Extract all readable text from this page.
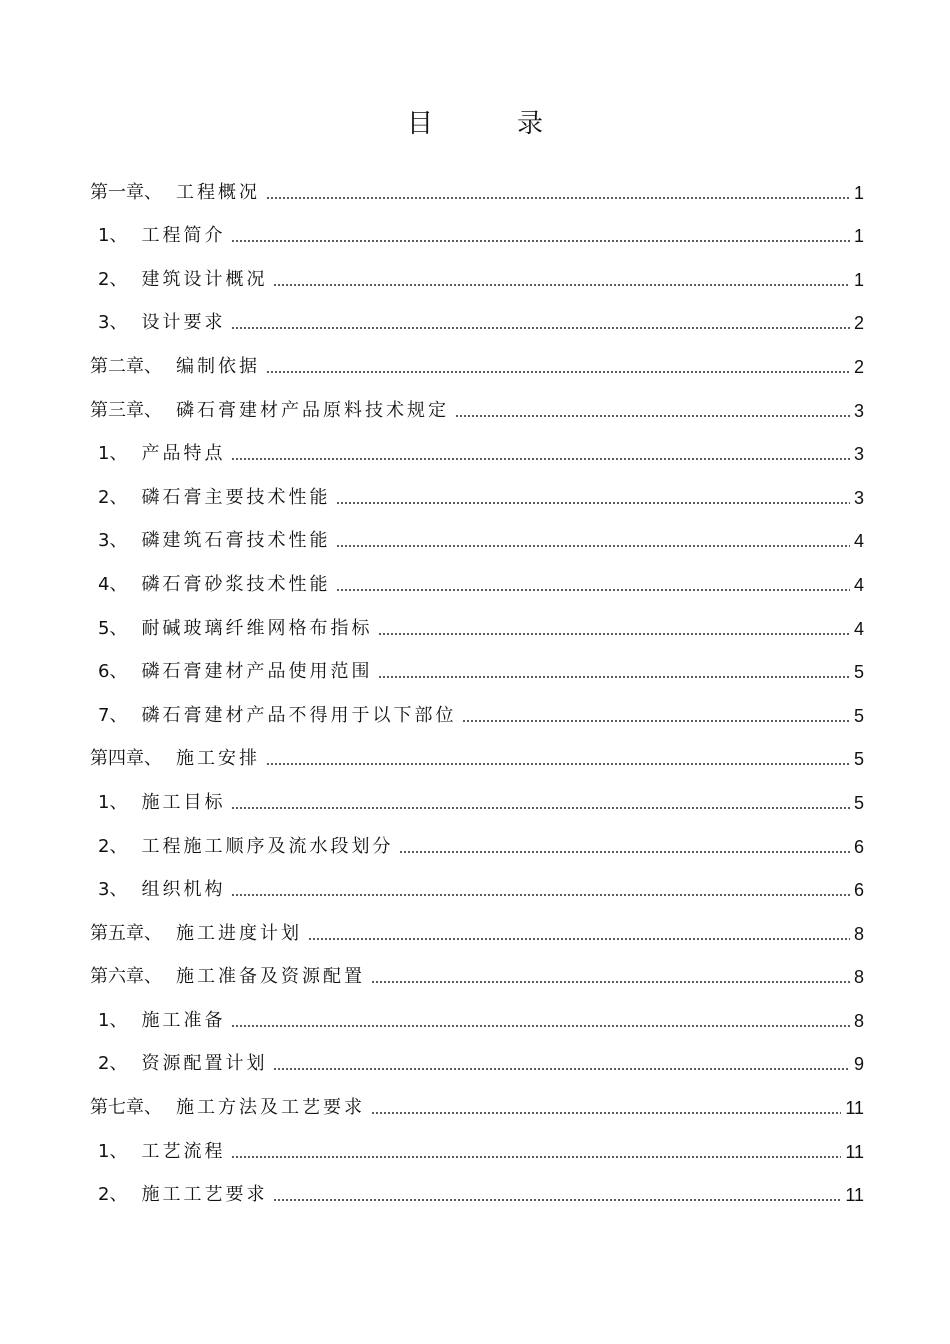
目录
第一章、 工程概况	1
1、 工程简介	1
2、 建筑设计概况	1
3、 设计要求	2
第二章、 编制依据	2
第三章、 磷石膏建材产品原料技术规定	3
1、 产品特点	3
2、 磷石膏主要技术性能	3
3、 磷建筑石膏技术性能	4
4、 磷石膏砂浆技术性能	4
5、 耐碱玻璃纤维网格布指标	4
6、 磷石膏建材产品使用范围	5
7、 磷石膏建材产品不得用于以下部位	5
第四章、 施工安排	5
1、 施工目标	5
2、 工程施工顺序及流水段划分	6
3、 组织机构	6
第五章、 施工进度计划	8
第六章、 施工准备及资源配置	8
1、 施工准备	8
2、 资源配置计划	9
第七章、 施工方法及工艺要求	11
1、 工艺流程	11
2、 施工工艺要求	11
